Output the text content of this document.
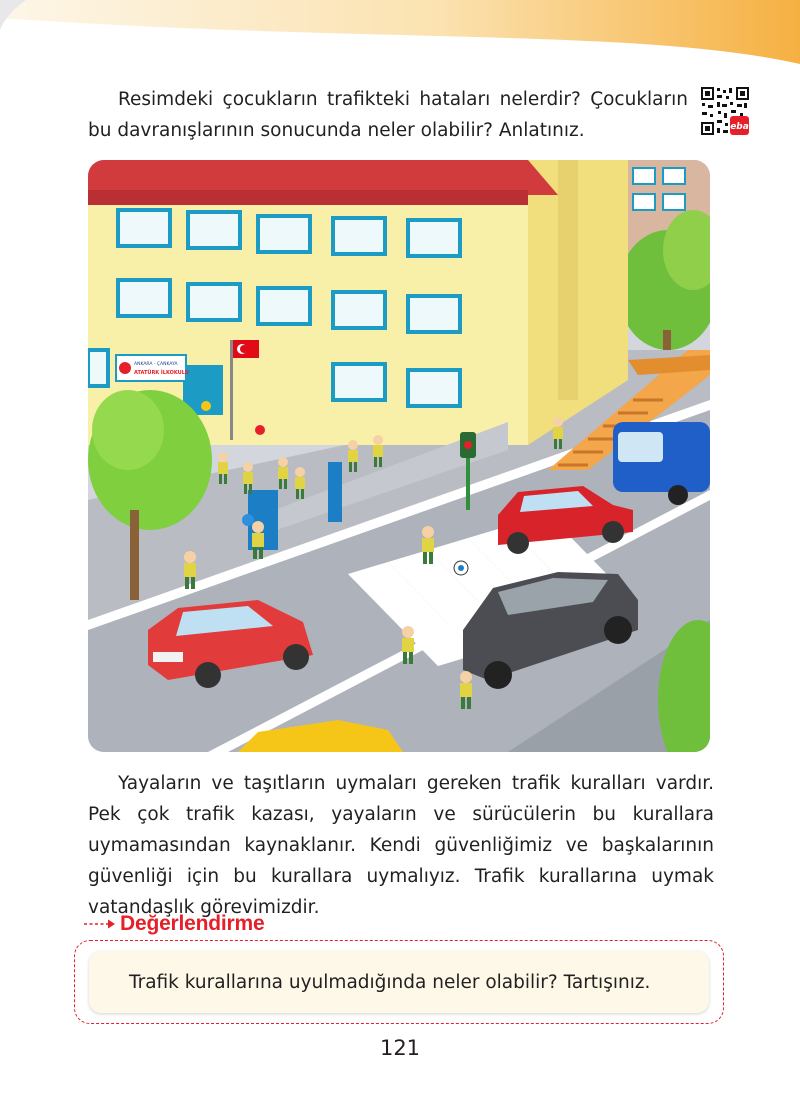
Resimdeki çocukların trafikteki hataları nelerdir? Çocukların bu davranışlarının sonucunda neler olabilir? Anlatınız.	eba
ANKARA - ÇANKAYA
ATATÜRK İLKOKULU

Yayaların ve taşıtların uymaları gereken trafik kuralları vardır. Pek çok trafik kazası, yayaların ve sürücülerin bu kurallara uymamasından kaynaklanır. Kendi güvenliğimiz ve başkalarının güvenliği için bu kurallara uymalıyız. Trafik kurallarına uymak vatandaşlık görevimizdir.

Değerlendirme
Trafik kurallarına uyulmadığında neler olabilir? Tartışınız.
121
